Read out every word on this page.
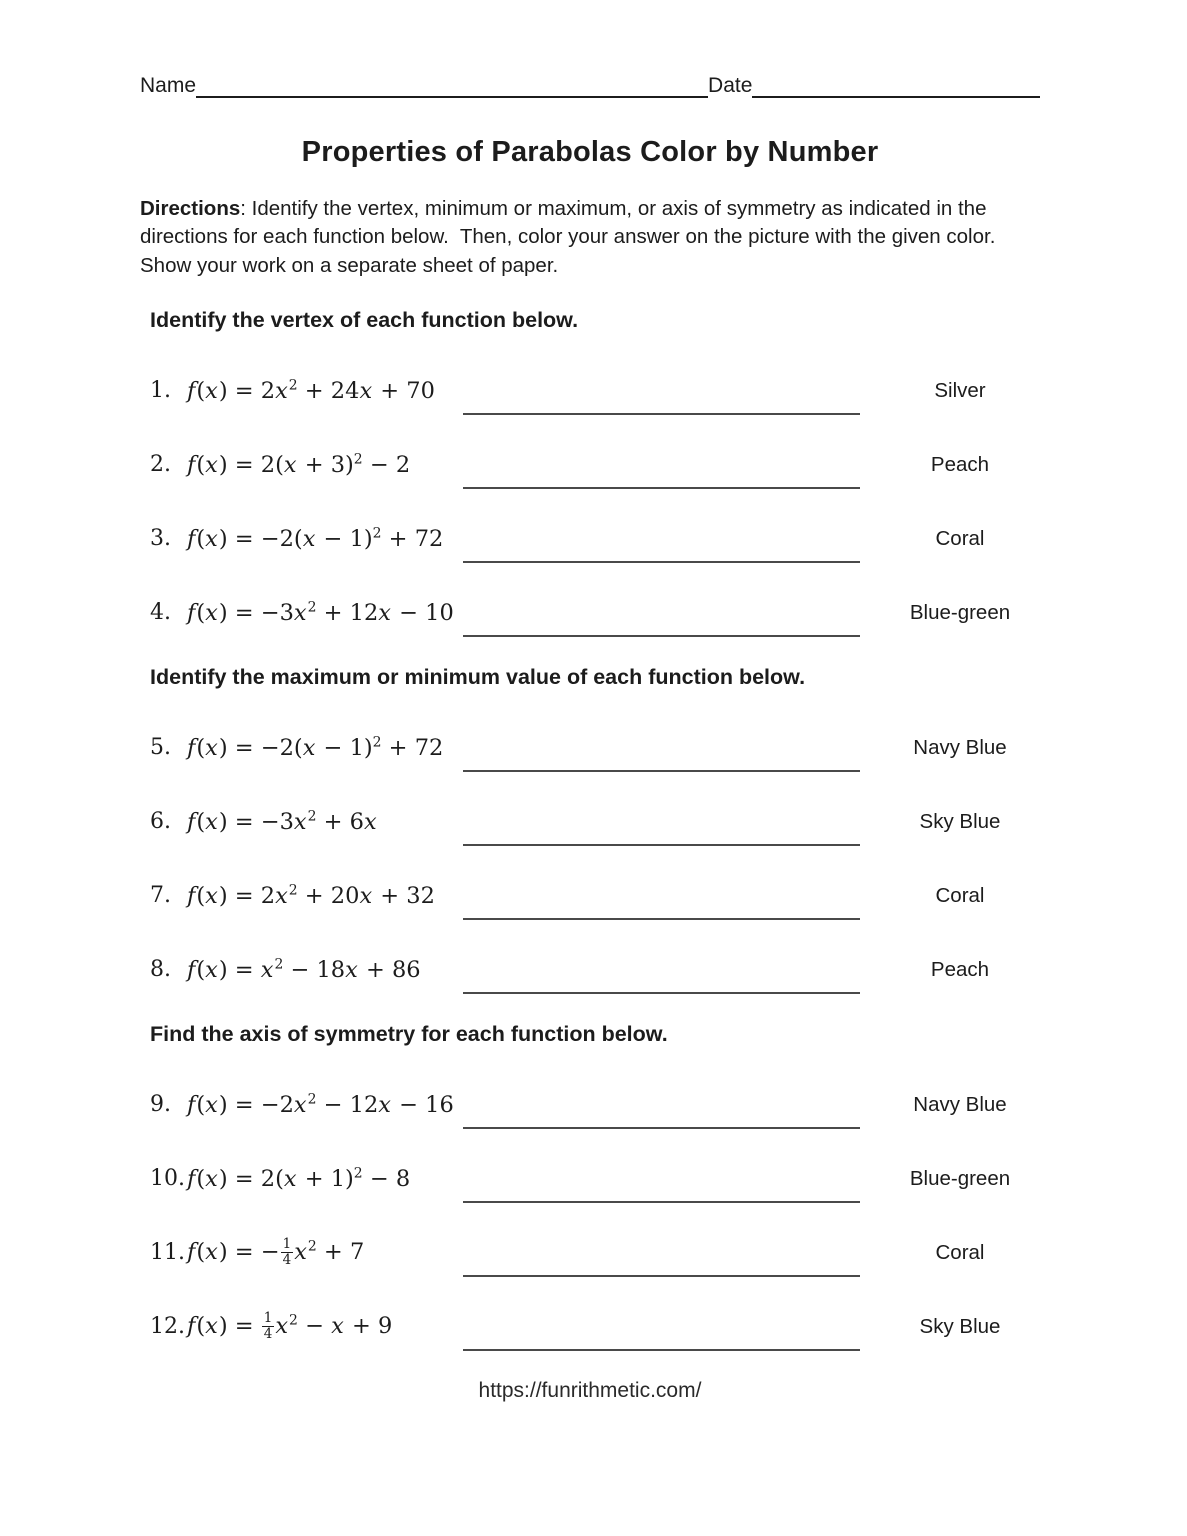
Name	Date
Properties of Parabolas Color by Number
Directions: Identify the vertex, minimum or maximum, or axis of symmetry as indicated in the directions for each function below.  Then, color your answer on the picture with the given color. Show your work on a separate sheet of paper.
Identify the vertex of each function below.
1. $f(x) = 2x^2 + 24x + 70$	Silver
2. $f(x) = 2(x + 3)^2 - 2$	Peach
3. $f(x) = -2(x - 1)^2 + 72$	Coral
4. $f(x) = -3x^2 + 12x - 10$	Blue-green
Identify the maximum or minimum value of each function below.
5. $f(x) = -2(x - 1)^2 + 72$	Navy Blue
6. $f(x) = -3x^2 + 6x$	Sky Blue
7. $f(x) = 2x^2 + 20x + 32$	Coral
8. $f(x) = x^2 - 18x + 86$	Peach
Find the axis of symmetry for each function below.
9. $f(x) = -2x^2 - 12x - 16$	Navy Blue
10. $f(x) = 2(x + 1)^2 - 8$	Blue-green
11. f(x) = − $\frac{1}{4} x^2 + 7$	Coral
12. $f(x) = \frac{1}{4} x^2 - x + 9$	Sky Blue
https://funrithmetic.com/
